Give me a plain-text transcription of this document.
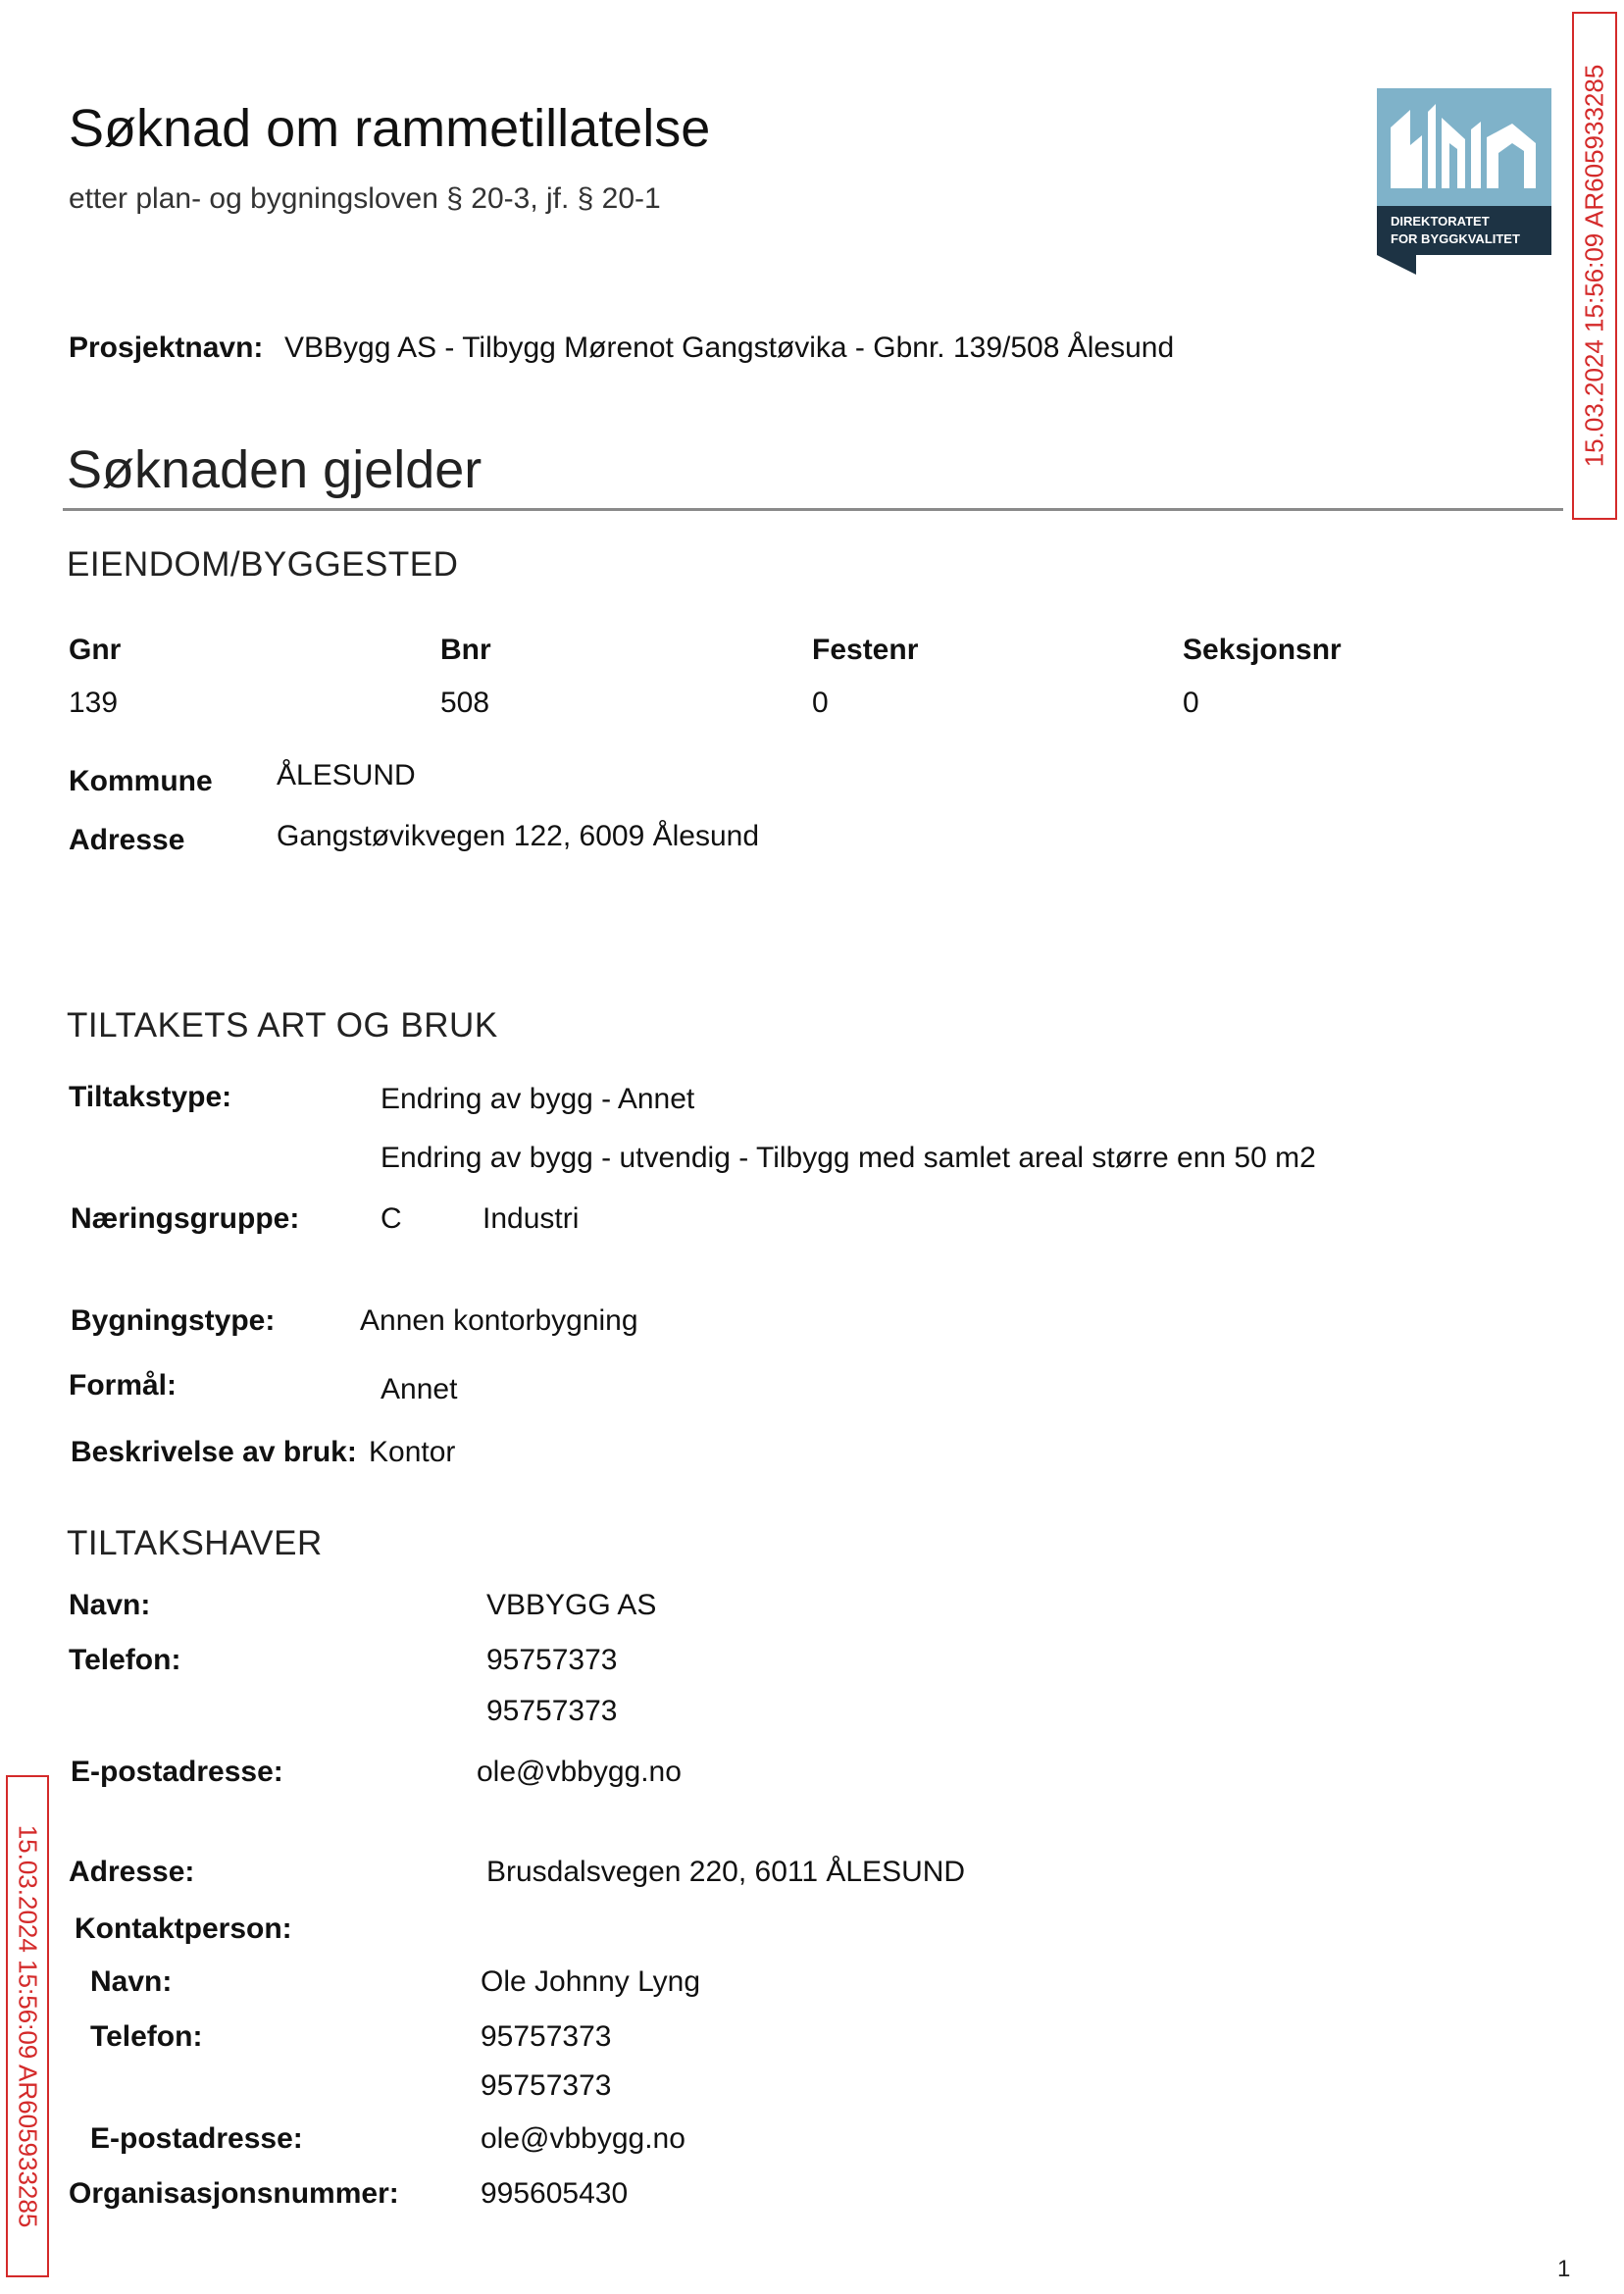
Søknad om rammetillatelse
etter plan- og bygningsloven § 20-3, jf. § 20-1
DIREKTORATET
FOR BYGGKVALITET 15.03.2024 15:56:09 AR605933285
Prosjektnavn: VBBygg AS - Tilbygg Mørenot Gangstøvika - Gbnr. 139/508 Ålesund
Søknaden gjelder
EIENDOM/BYGGESTED
Gnr	Bnr	Festenr	Seksjonsnr
139	508	0	0
Kommune ÅLESUND
Adresse	Gangstøvikvegen 122, 6009 Ålesund
TILTAKETS ART OG BRUK
Tiltakstype:	Endring av bygg - Annet
Endring av bygg - utvendig - Tilbygg med samlet areal større enn 50 m2
Næringsgruppe:	C	Industri
Bygningstype:	Annen kontorbygning
Formål:	Annet
Beskrivelse av bruk: Kontor
TILTAKSHAVER
Navn:	VBBYGG AS
Telefon:	95757373
95757373
E-postadresse:	ole@vbbygg.no
Adresse:	Brusdalsvegen 220, 6011 ÅLESUND
Kontaktperson:
Navn:	Ole Johnny Lyng
Telefon:	95757373
95757373
E-postadresse:	ole@vbbygg.no
Organisasjonsnummer:	995605430
15.03.2024 15:56:09 AR605933285
1
